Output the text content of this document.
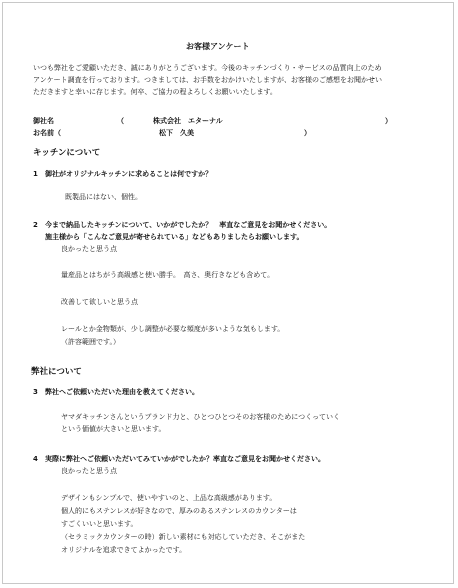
お客様アンケート
いつも弊社をご愛顧いただき、誠にありがとうございます。今後のキッチンづくり・サービスの品質向上のため
アンケート調査を行っております。つきましては、お手数をおかけいたしますが、お客様のご感想をお聞かせい
ただきますと幸いに存じます。何卒、ご協力の程よろしくお願いいたします。
御社名	（	株式会社　エターナル	）
お名前（	松下　久美	）
キッチンについて
1 御社がオリジナルキッチンに求めることは何ですか？
既製品にはない、個性。
2 今まで納品したキッチンについて、いかがでしたか？　率直なご意見をお聞かせください。
施主様から「こんなご意見が寄せられている」などもありましたらお願いします。
良かったと思う点
量産品とはちがう高級感と使い勝手。　高さ、奥行きなども含めて。
改善して欲しいと思う点
レールとか金物類が、少し調整が必要な頻度が多いような気もします。
（許容範囲です。）
弊社について
3 弊社へご依頼いただいた理由を教えてください。
ヤマダキッチンさんというブランド力と、ひとつひとつそのお客様のためにつくっていく
という価値が大きいと思います。
4 実際に弊社へご依頼いただいてみていかがでしたか？率直なご意見をお聞かせください。
良かったと思う点
デザインもシンプルで、使いやすいのと、上品な高級感があります。
個人的にもステンレスが好きなので、厚みのあるステンレスのカウンターは
すごくいいと思います。
（セラミックカウンターの時）新しい素材にも対応していただき、そこがまた
オリジナルを追求できてよかったです。
